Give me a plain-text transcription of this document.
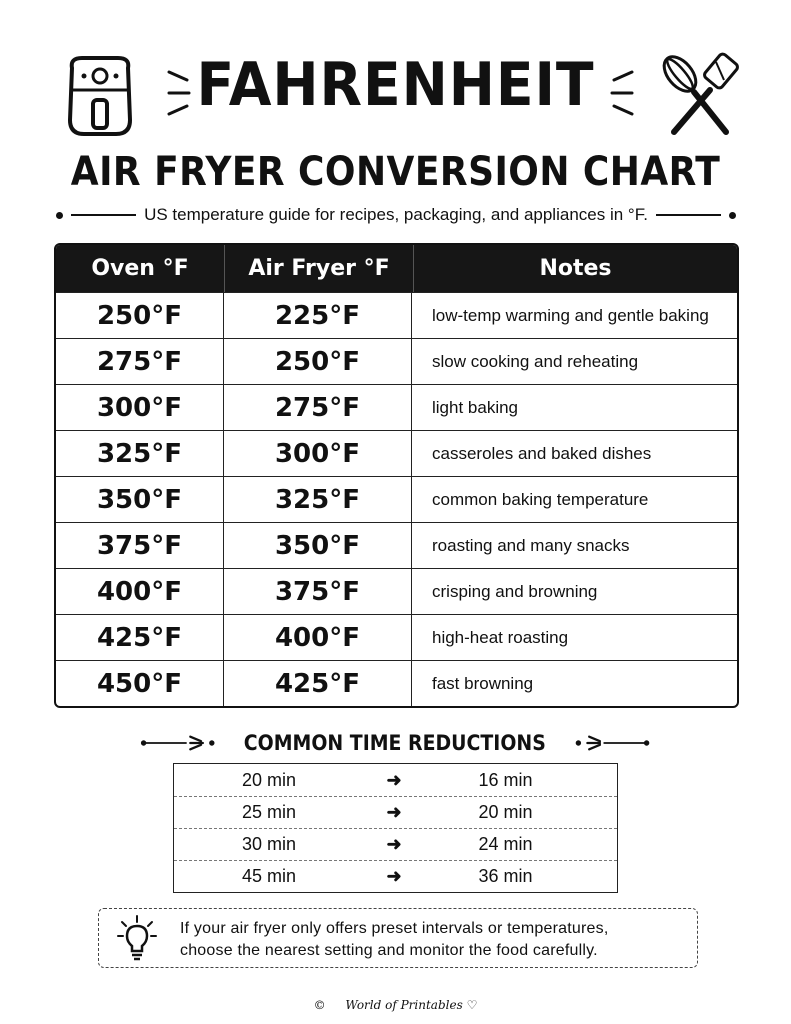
FAHRENHEIT
AIR FRYER CONVERSION CHART
US temperature guide for recipes, packaging, and appliances in °F.
Oven °F	Air Fryer °F	Notes
250°F	225°F	low-temp warming and gentle baking
275°F	250°F	slow cooking and reheating
300°F	275°F	light baking
325°F	300°F	casseroles and baked dishes
350°F	325°F	common baking temperature
375°F	350°F	roasting and many snacks
400°F	375°F	crisping and browning
425°F	400°F	high-heat roasting
450°F	425°F	fast browning
COMMON TIME REDUCTIONS
20 min	➜	16 min
25 min	➜	20 min
30 min	➜	24 min
45 min	➜	36 min
If your air fryer only offers preset intervals or temperatures,
choose the nearest setting and monitor the food carefully.
© World of Printables ♡
